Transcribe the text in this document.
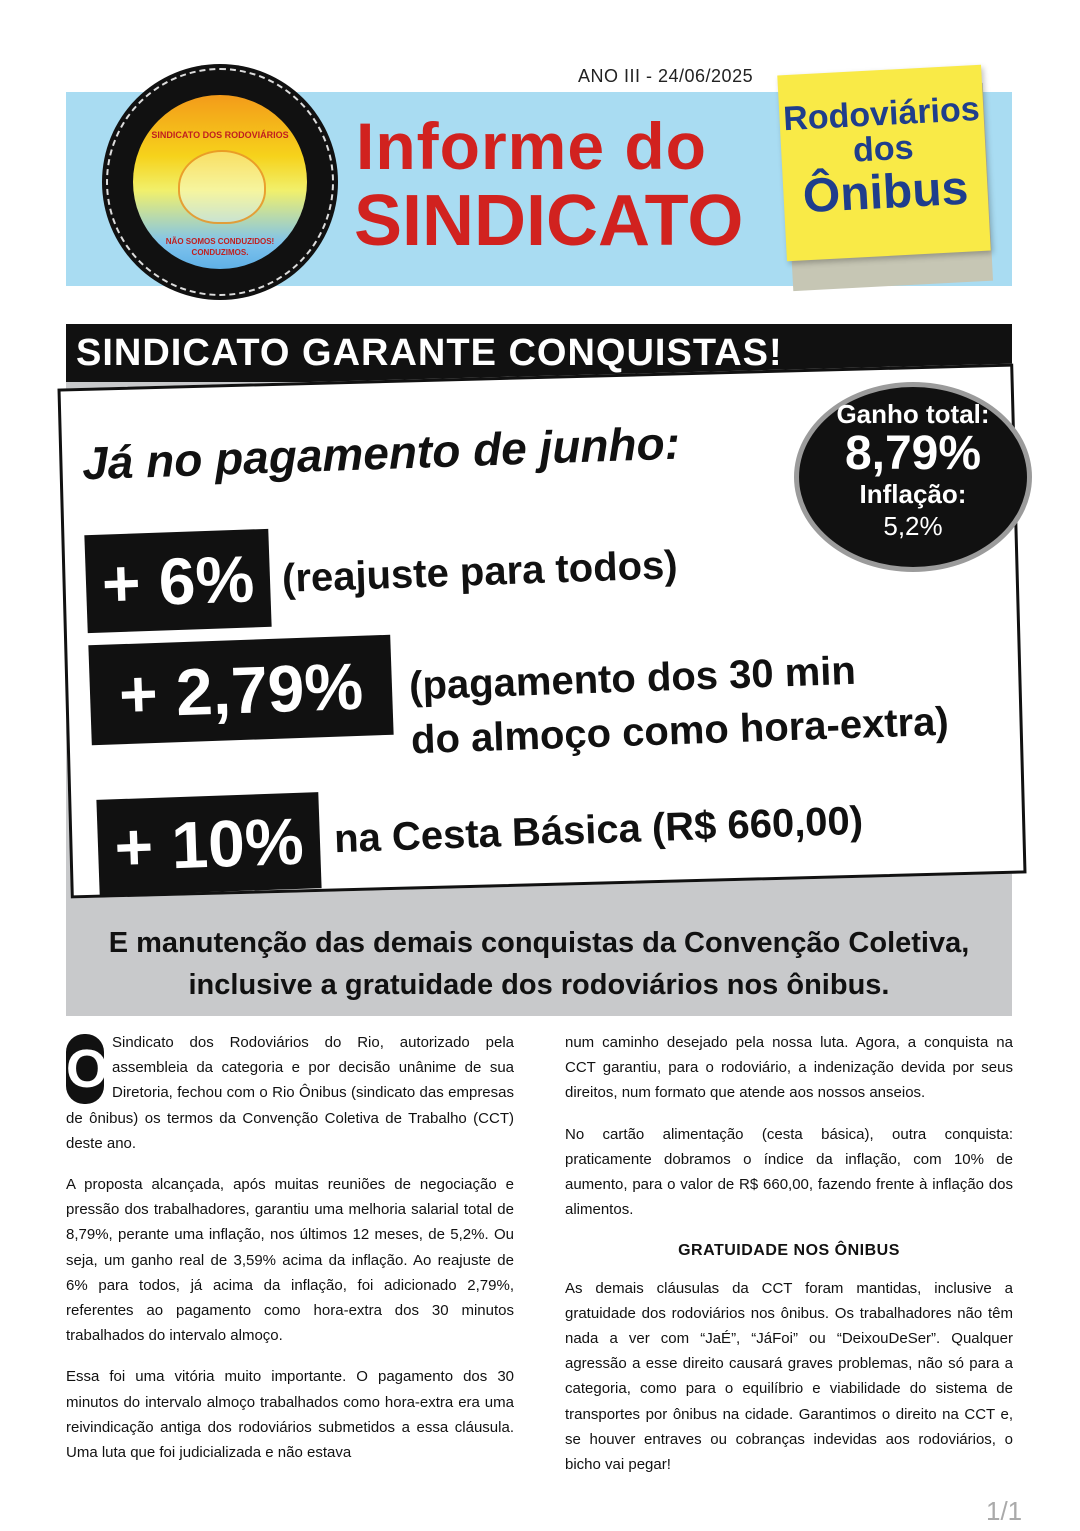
ANO III - 24/06/2025
SINDICATO DOS RODOVIÁRIOS
NÃO SOMOS CONDUZIDOS!
CONDUZIMOS.
Informe do
SINDICATO
Rodoviários
dos
Ônibus
SINDICATO GARANTE CONQUISTAS!
Já no pagamento de junho:
+ 6% (reajuste para todos)
+ 2,79%	(pagamento dos 30 min
do almoço como hora-extra)
+ 10% na Cesta Básica (R$ 660,00)
Ganho total:
8,79%
Inflação:
5,2%
E manutenção das demais conquistas da Convenção Coletiva,
inclusive a gratuidade dos rodoviários nos ônibus.

O Sindicato dos Rodoviários do Rio, autorizado pela assembleia da categoria e por decisão unânime de sua Diretoria, fechou com o Rio Ônibus (sindicato das empresas de ônibus) os termos da Convenção Coletiva de Trabalho (CCT) deste ano.

A proposta alcançada, após muitas reuniões de negociação e pressão dos trabalhadores, garantiu uma melhoria salarial total de 8,79%, perante uma inflação, nos últimos 12 meses, de 5,2%. Ou seja, um ganho real de 3,59% acima da inflação. Ao reajuste de 6% para todos, já acima da inflação, foi adicionado 2,79%, referentes ao pagamento como hora-extra dos 30 minutos trabalhados do intervalo almoço.

Essa foi uma vitória muito importante. O pagamento dos 30 minutos do intervalo almoço trabalhados como hora-extra era uma reivindicação antiga dos rodoviários submetidos a essa cláusula. Uma luta que foi judicializada e não estava

num caminho desejado pela nossa luta. Agora, a conquista na CCT garantiu, para o rodoviário, a indenização devida por seus direitos, num formato que atende aos nossos anseios.

No cartão alimentação (cesta básica), outra conquista: praticamente dobramos o índice da inflação, com 10% de aumento, para o valor de R$ 660,00, fazendo frente à inflação dos alimentos.

GRATUIDADE NOS ÔNIBUS

As demais cláusulas da CCT foram mantidas, inclusive a gratuidade dos rodoviários nos ônibus. Os trabalhadores não têm nada a ver com “JaÉ”, “JáFoi” ou “DeixouDeSer”. Qualquer agressão a esse direito causará graves problemas, não só para a categoria, como para o equilíbrio e viabilidade do sistema de transportes por ônibus na cidade. Garantimos o direito na CCT e, se houver entraves ou cobranças indevidas aos rodoviários, o bicho vai pegar!

1/1
